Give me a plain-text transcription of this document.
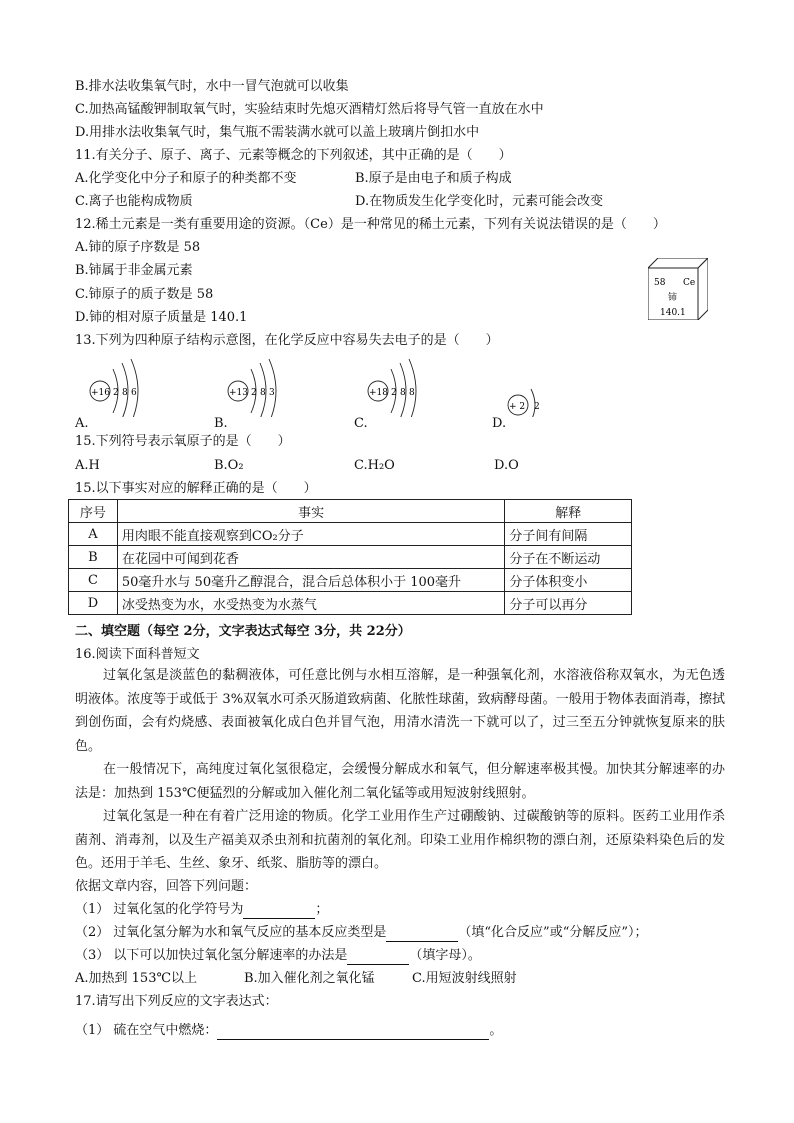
B.排水法收集氧气时，水中一冒气泡就可以收集
C.加热高锰酸钾制取氧气时，实验结束时先熄灭酒精灯然后将导气管一直放在水中
D.用排水法收集氧气时，集气瓶不需装满水就可以盖上玻璃片倒扣水中
11.有关分子、原子、离子、元素等概念的下列叙述，其中正确的是（　　）
A.化学变化中分子和原子的种类都不变	B.原子是由电子和质子构成
C.离子也能构成物质	D.在物质发生化学变化时，元素可能会改变
12.稀土元素是一类有重要用途的资源。（Ce）是一种常见的稀土元素，下列有关说法错误的是（　　）
A.铈的原子序数是 58
B.铈属于非金属元素
C.铈原子的质子数是 58
D.铈的相对原子质量是 140.1
58 Ce
铈
140.1
13.下列为四种原子结构示意图，在化学反应中容易失去电子的是（　　）
+16 2 8 6	+13 2 8 3	+18 2 8 8
+ 2 2
A.	B.	C.	D.
15.下列符号表示氧原子的是（　　）
A.H	B.O₂	C.H₂O	D.O
15.以下事实对应的解释正确的是（　　）
序号	事实	解释
A	用肉眼不能直接观察到CO₂分子	分子间有间隔
B	在花园中可闻到花香	分子在不断运动
C	50毫升水与 50毫升乙醇混合，混合后总体积小于 100毫升	分子体积变小
D	冰受热变为水，水受热变为水蒸气	分子可以再分
二、填空题（每空 2分，文字表达式每空 3分，共 22分）
16.阅读下面科普短文
过氧化氢是淡蓝色的黏稠液体，可任意比例与水相互溶解，是一种强氧化剂，水溶液俗称双氧水，为无色透明液体。浓度等于或低于 3%双氧水可杀灭肠道致病菌、化脓性球菌，致病酵母菌。一般用于物体表面消毒，擦拭到创伤面，会有灼烧感、表面被氧化成白色并冒气泡，用清水清洗一下就可以了，过三至五分钟就恢复原来的肤色。
在一般情况下，高纯度过氧化氢很稳定，会缓慢分解成水和氧气，但分解速率极其慢。加快其分解速率的办法是：加热到 153℃便猛烈的分解或加入催化剂二氧化锰等或用短波射线照射。
过氧化氢是一种在有着广泛用途的物质。化学工业用作生产过硼酸钠、过碳酸钠等的原料。医药工业用作杀菌剂、消毒剂，以及生产福美双杀虫剂和抗菌剂的氧化剂。印染工业用作棉织物的漂白剂，还原染料染色后的发色。还用于羊毛、生丝、象牙、纸浆、脂肪等的漂白。
依据文章内容，回答下列问题：
（1） 过氧化氢的化学符号为	；
（2） 过氧化氢分解为水和氧气反应的基本反应类型是	（填“化合反应”或“分解反应”）；
（3） 以下可以加快过氧化氢分解速率的办法是	（填字母）。
A.加热到 153℃以上	B.加入催化剂之氧化锰	C.用短波射线照射
17.请写出下列反应的文字表达式：
（1） 硫在空气中燃烧：	。
